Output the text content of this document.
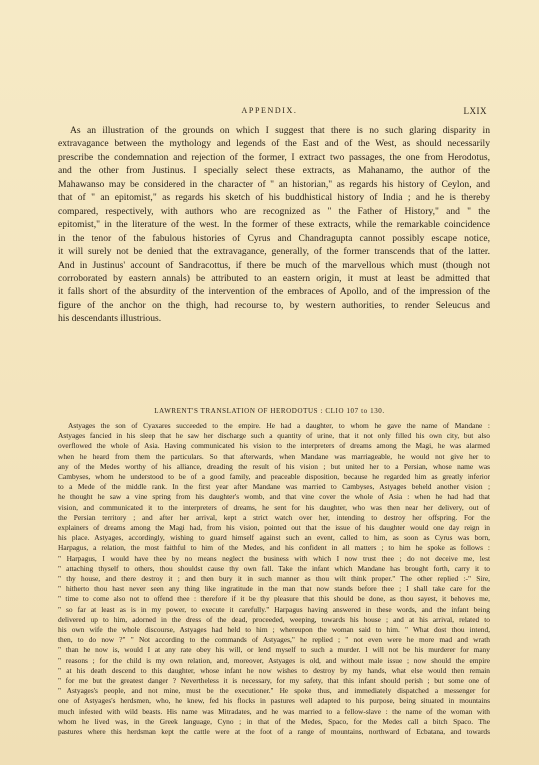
APPENDIX.	LXIX
As an illustration of the grounds on which I suggest that there is no such glaring disparity in
extravagance between the mythology and legends of the East and of the West, as should necessarily
prescribe the condemnation and rejection of the former, I extract two passages, the one from Herodotus,
and the other from Justinus. I specially select these extracts, as Mahanamo, the author of the
Mahawanso may be considered in the character of " an historian," as regards his history of Ceylon, and
that of " an epitomist," as regards his sketch of his buddhistical history of India ; and he is thereby
compared, respectively, with authors who are recognized as " the Father of History," and " the
epitomist," in the literature of the west. In the former of these extracts, while the remarkable coincidence
in the tenor of the fabulous histories of Cyrus and Chandragupta cannot possibly escape notice,
it will surely not be denied that the extravagance, generally, of the former transcends that of the latter.
And in Justinus' account of Sandracottus, if there be much of the marvellous which must (though not
corroborated by eastern annals) be attributed to an eastern origin, it must at least be admitted that
it falls short of the absurdity of the intervention of the embraces of Apollo, and of the impression of the
figure of the anchor on the thigh, had recourse to, by western authorities, to render Seleucus and
his descendants illustrious.

LAWRENT'S TRANSLATION OF HERODOTUS : CLIO 107 to 130.

Astyages the son of Cyaxares succeeded to the empire. He had a daughter, to whom he gave the name of Mandane :
Astyages fancied in his sleep that he saw her discharge such a quantity of urine, that it not only filled his own city, but also
overflowed the whole of Asia. Having communicated his vision to the interpreters of dreams among the Magi, he was alarmed
when he heard from them the particulars. So that afterwards, when Mandane was marriageable, he would not give her to
any of the Medes worthy of his alliance, dreading the result of his vision ; but united her to a Persian, whose name was
Cambyses, whom he understood to be of a good family, and peaceable disposition, because he regarded him as greatly inferior
to a Mede of the middle rank. In the first year after Mandane was married to Cambyses, Astyages beheld another vision ;
he thought he saw a vine spring from his daughter's womb, and that vine cover the whole of Asia : when he had had that
vision, and communicated it to the interpreters of dreams, he sent for his daughter, who was then near her delivery, out of
the Persian territory ; and after her arrival, kept a strict watch over her, intending to destroy her offspring. For the
explainers of dreams among the Magi had, from his vision, pointed out that the issue of his daughter would one day reign in
his place. Astyages, accordingly, wishing to guard himself against such an event, called to him, as soon as Cyrus was born,
Harpagus, a relation, the most faithful to him of the Medes, and his confident in all matters ; to him he spoke as follows :
" Harpagus, I would have thee by no means neglect the business with which I now trust thee ; do not deceive me, lest
" attaching thyself to others, thou shouldst cause thy own fall. Take the infant which Mandane has brought forth, carry it to
" thy house, and there destroy it ; and then bury it in such manner as thou wilt think proper." The other replied :-" Sire,
" hitherto thou hast never seen any thing like ingratitude in the man that now stands before thee ; I shall take care for the
" time to come also not to offend thee : therefore if it be thy pleasure that this should be done, as thou sayest, it behoves me,
" so far at least as is in my power, to execute it carefully." Harpagus having answered in these words, and the infant being
delivered up to him, adorned in the dress of the dead, proceeded, weeping, towards his house ; and at his arrival, related to
his own wife the whole discourse, Astyages had held to him ; whereupon the woman said to him. " What dost thou intend,
then, to do now ?" " Not according to the commands of Astyages," he replied ; " not even were he more mad and wrath
" than he now is, would I at any rate obey his will, or lend myself to such a murder. I will not be his murderer for many
" reasons ; for the child is my own relation, and, moreover, Astyages is old, and without male issue ; now should the empire
" at his death descend to this daughter, whose infant he now wishes to destroy by my hands, what else would then remain
" for me but the greatest danger ? Nevertheless it is necessary, for my safety, that this infant should perish ; but some one of
" Astyages's people, and not mine, must be the executioner." He spoke thus, and immediately dispatched a messenger for
one of Astyages's herdsmen, who, he knew, fed his flocks in pastures well adapted to his purpose, being situated in mountains
much infested with wild beasts. His name was Mitradates, and he was married to a fellow-slave : the name of the woman with
whom he lived was, in the Greek language, Cyno ; in that of the Medes, Spaco, for the Medes call a bitch Spaco. The
pastures where this herdsman kept the cattle were at the foot of a range of mountains, northward of Ecbatana, and towards
